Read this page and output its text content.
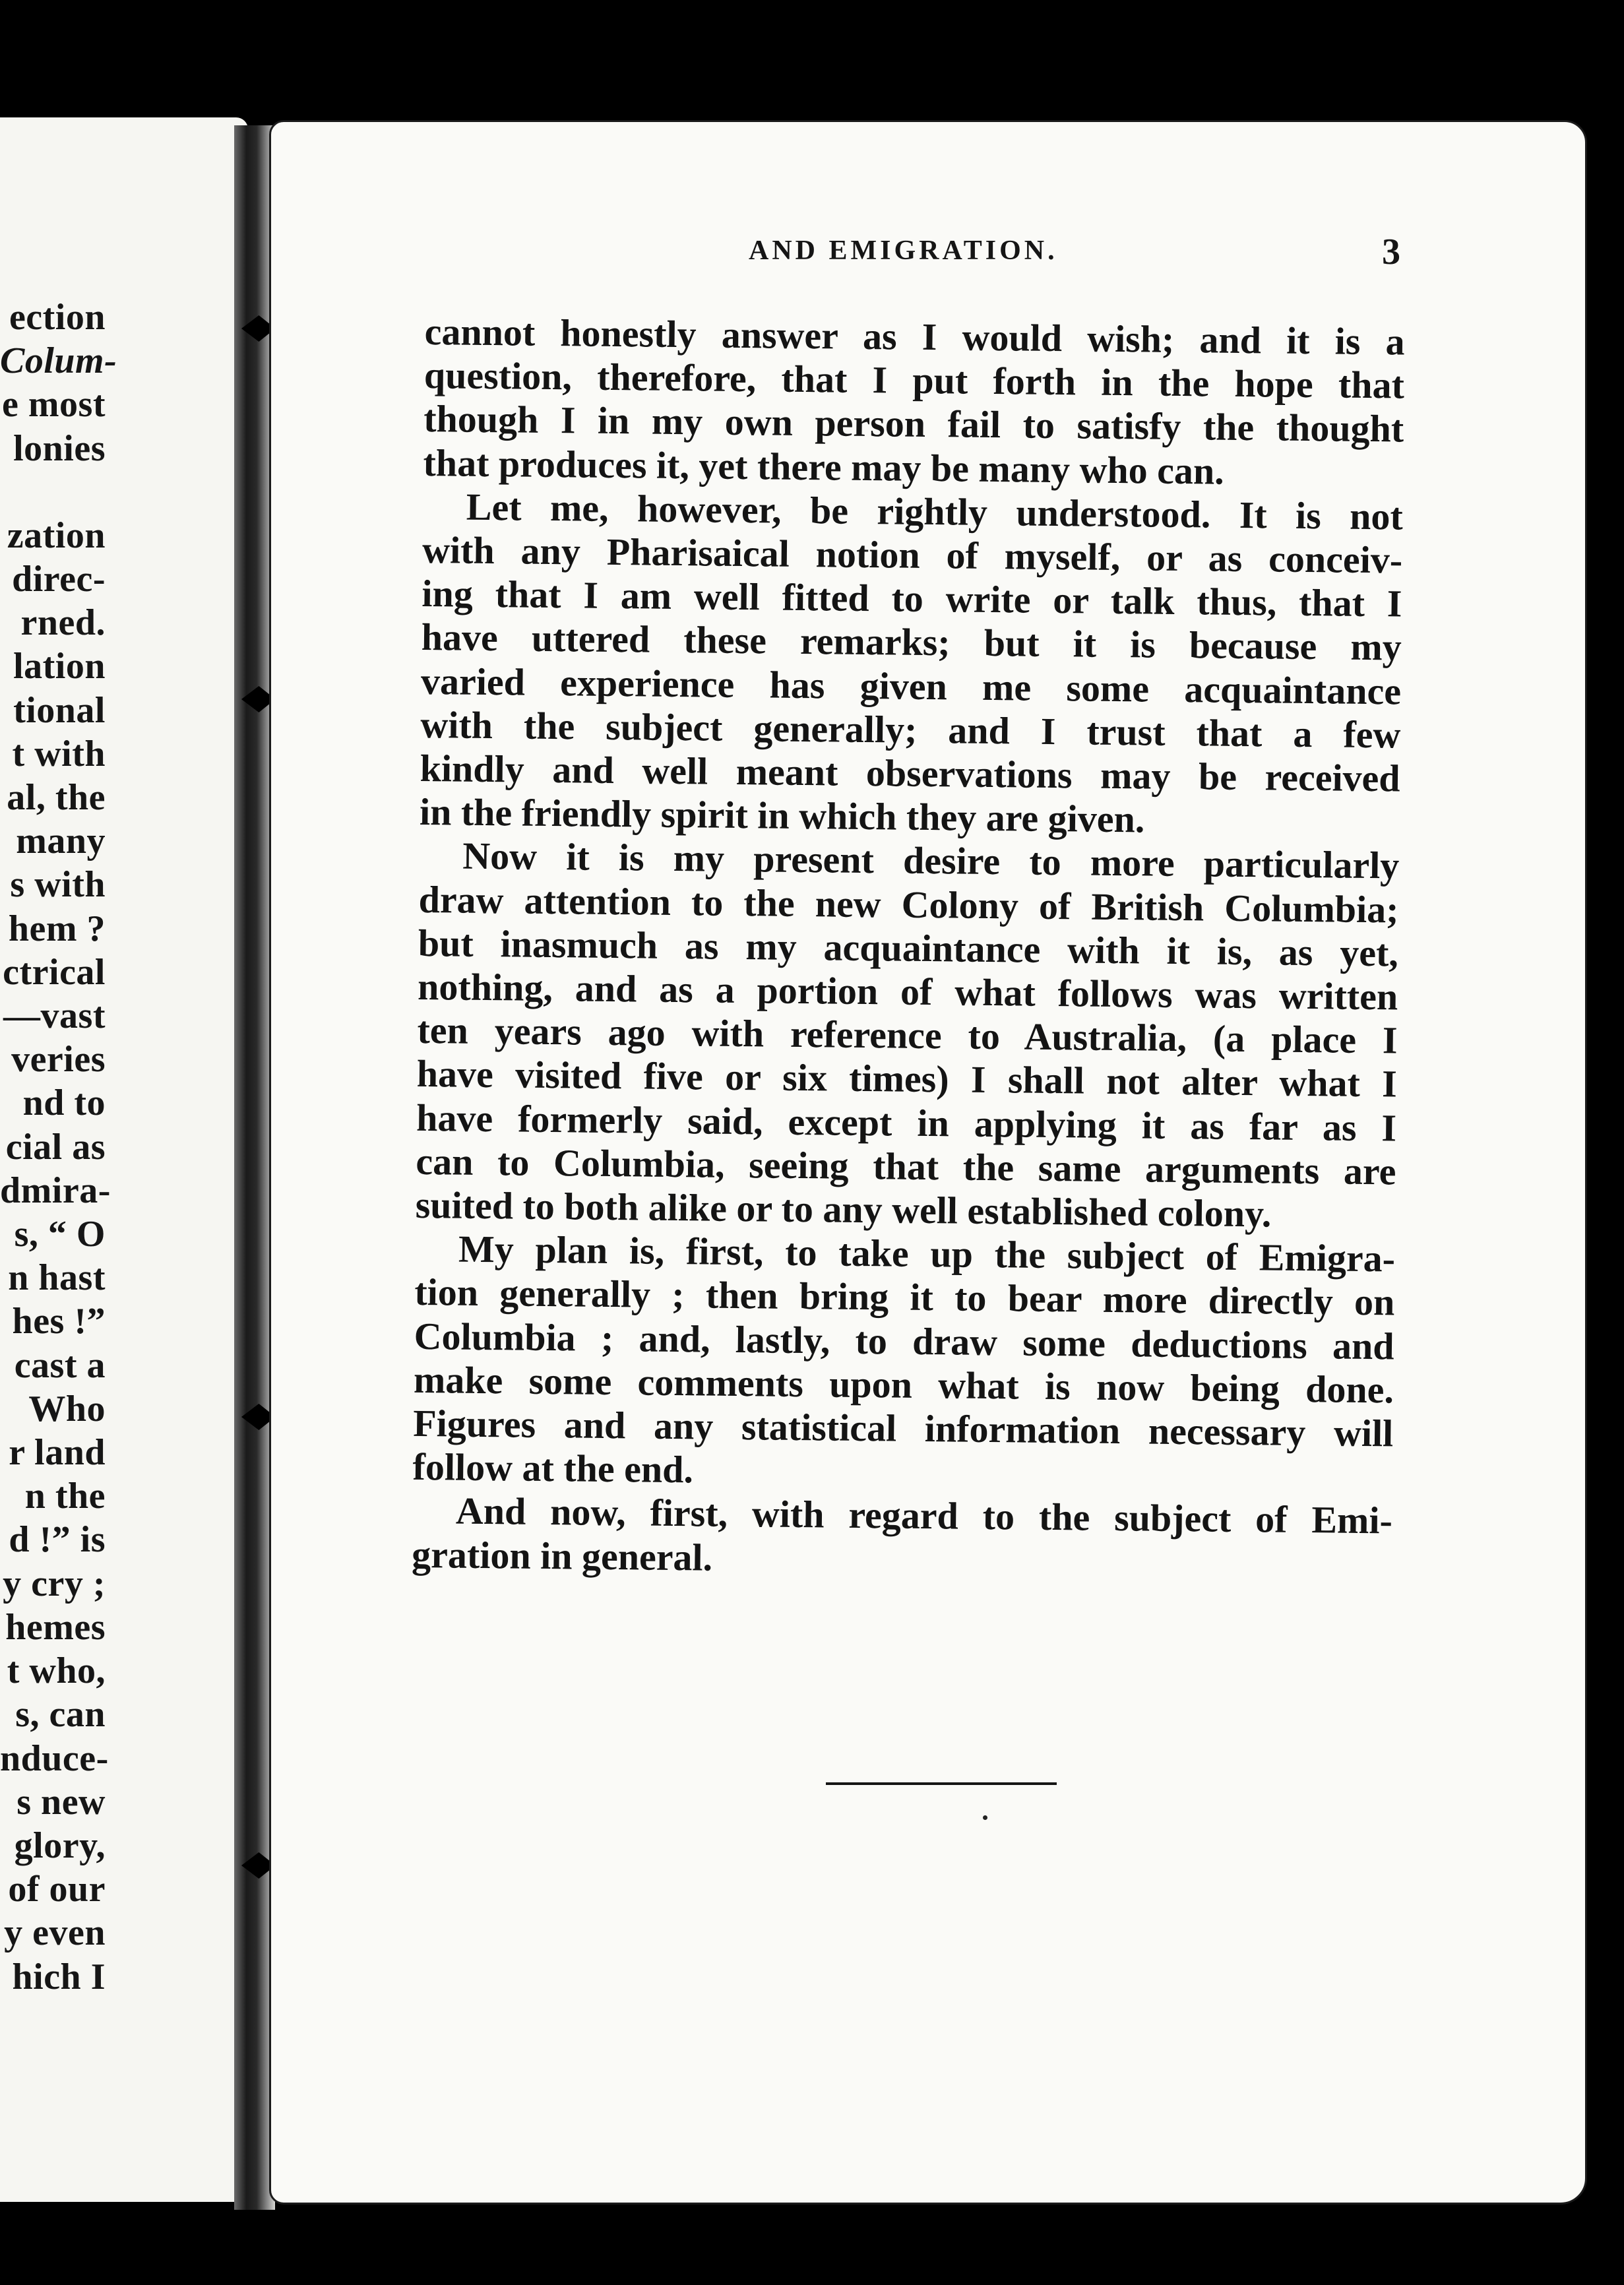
ection
Colum-
e most
lonies
zation
direc-
rned.
lation
tional
t with
al, the
many
s with
hem ?
ctrical
—vast
veries
nd to
cial as
dmira-
s, “ O
n hast
hes !”
cast a
Who
r land
n the
d !” is
y cry ;
hemes
t who,
s, can
nduce-
s new
glory,
of our
y even
hich I
AND EMIGRATION.	3
cannot honestly answer as I would wish; and it is a
question, therefore, that I put forth in the hope that
though I in my own person fail to satisfy the thought
that produces it, yet there may be many who can.
Let me, however, be rightly understood. It is not
with any Pharisaical notion of myself, or as conceiv-
ing that I am well fitted to write or talk thus, that I
have uttered these remarks; but it is because my
varied experience has given me some acquaintance
with the subject generally; and I trust that a few
kindly and well meant observations may be received
in the friendly spirit in which they are given.
Now it is my present desire to more particularly
draw attention to the new Colony of British Columbia;
but inasmuch as my acquaintance with it is, as yet,
nothing, and as a portion of what follows was written
ten years ago with reference to Australia, (a place I
have visited five or six times) I shall not alter what I
have formerly said, except in applying it as far as I
can to Columbia, seeing that the same arguments are
suited to both alike or to any well established colony.
My plan is, first, to take up the subject of Emigra-
tion generally ; then bring it to bear more directly on
Columbia ; and, lastly, to draw some deductions and
make some comments upon what is now being done.
Figures and any statistical information necessary will
follow at the end.
And now, first, with regard to the subject of Emi-
gration in general.
